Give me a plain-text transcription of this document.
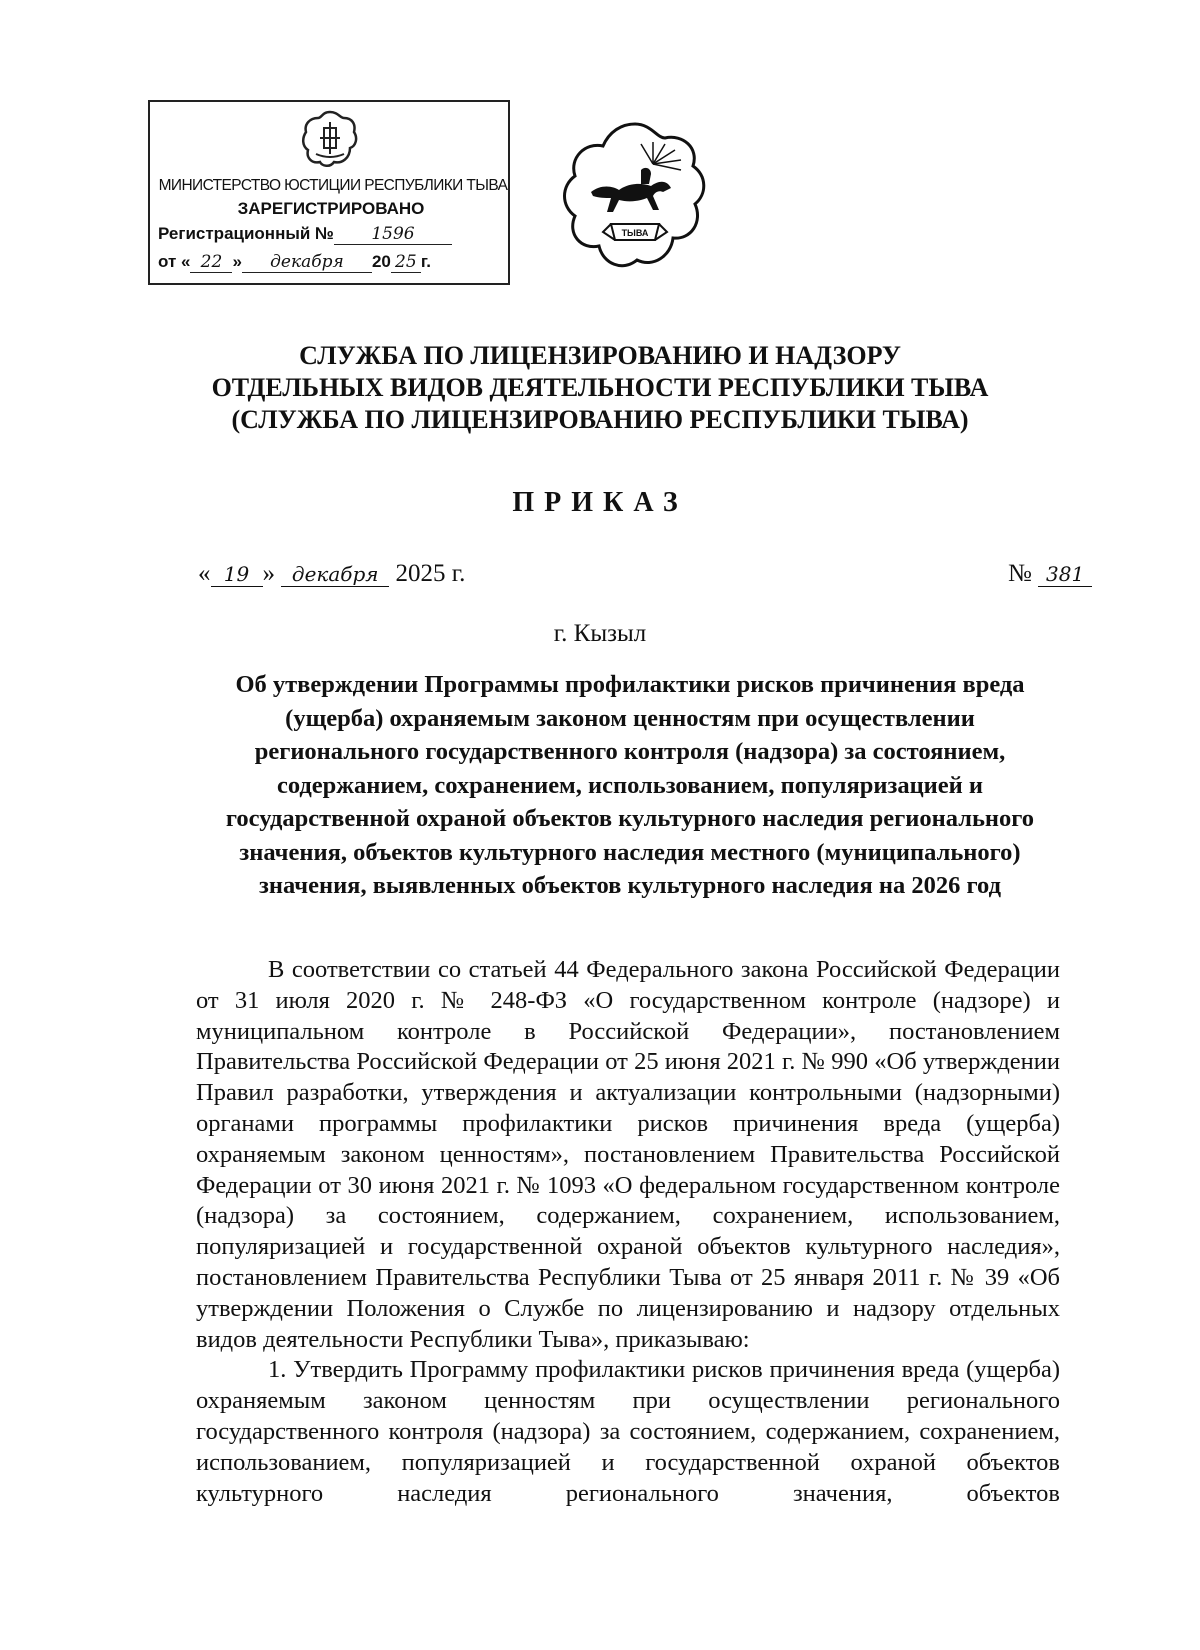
МИНИСТЕРСТВО ЮСТИЦИИ РЕСПУБЛИКИ ТЫВА
ЗАРЕГИСТРИРОВАНО
Регистрационный № 1596
от « 22 » декабря 20 25 г.
ТЫВА
СЛУЖБА ПО ЛИЦЕНЗИРОВАНИЮ И НАДЗОРУ
ОТДЕЛЬНЫХ ВИДОВ ДЕЯТЕЛЬНОСТИ РЕСПУБЛИКИ ТЫВА
(СЛУЖБА ПО ЛИЦЕНЗИРОВАНИЮ РЕСПУБЛИКИ ТЫВА)
ПРИКАЗ
« 19 » декабря 2025 г.	№ 381
г. Кызыл
Об утверждении Программы профилактики рисков причинения вреда
(ущерба) охраняемым законом ценностям при осуществлении
регионального государственного контроля (надзора) за состоянием,
содержанием, сохранением, использованием, популяризацией и
государственной охраной объектов культурного наследия регионального
значения, объектов культурного наследия местного (муниципального)
значения, выявленных объектов культурного наследия на 2026 год

В соответствии со статьей 44 Федерального закона Российской Федерации от 31 июля 2020 г. № 248-ФЗ «О государственном контроле (надзоре) и муниципальном контроле в Российской Федерации», постановлением Правительства Российской Федерации от 25 июня 2021 г. № 990 «Об утверждении Правил разработки, утверждения и актуализации контрольными (надзорными) органами программы профилактики рисков причинения вреда (ущерба) охраняемым законом ценностям», постановлением Правительства Российской Федерации от 30 июня 2021 г. № 1093 «О федеральном государственном контроле (надзора) за состоянием, содержанием, сохранением, использованием, популяризацией и государственной охраной объектов культурного наследия», постановлением Правительства Республики Тыва от 25 января 2011 г. № 39 «Об утверждении Положения о Службе по лицензированию и надзору отдельных видов деятельности Республики Тыва», приказываю:

1. Утвердить Программу профилактики рисков причинения вреда (ущерба) охраняемым законом ценностям при осуществлении регионального государственного контроля (надзора) за состоянием, содержанием, сохранением, использованием, популяризацией и государственной охраной объектов культурного наследия регионального значения, объектов
